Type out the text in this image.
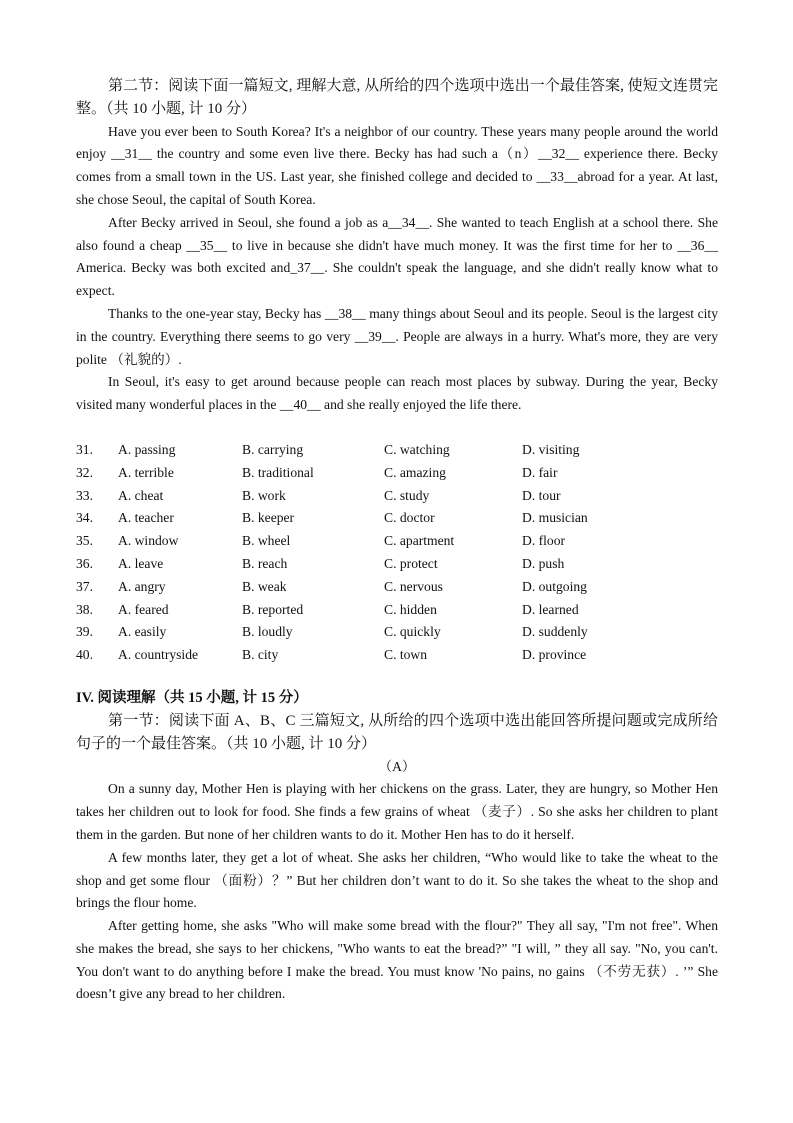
第二节：阅读下面一篇短文, 理解大意, 从所给的四个选项中选出一个最佳答案, 使短文连贯完整。（共 10 小题, 计 10 分）

Have you ever been to South Korea? It's a neighbor of our country. These years many people around the world enjoy __31__ the country and some even live there. Becky has had such a（n）__32__ experience there. Becky comes from a small town in the US. Last year, she finished college and decided to __33__abroad for a year. At last, she chose Seoul, the capital of South Korea.

After Becky arrived in Seoul, she found a job as a__34__. She wanted to teach English at a school there. She also found a cheap __35__ to live in because she didn't have much money. It was the first time for her to __36__ America. Becky was both excited and_37__. She couldn't speak the language, and she didn't really know what to expect.

Thanks to the one-year stay, Becky has __38__ many things about Seoul and its people. Seoul is the largest city in the country. Everything there seems to go very __39__. People are always in a hurry. What's more, they are very polite （礼貌的）.

In Seoul, it's easy to get around because people can reach most places by subway. During the year, Becky visited many wonderful places in the __40__ and she really enjoyed the life there.

31.	A. passing	B. carrying	C. watching	D. visiting
32.	A. terrible	B. traditional	C. amazing	D. fair
33.	A. cheat	B. work	C. study	D. tour
34.	A. teacher	B. keeper	C. doctor	D. musician
35.	A. window	B. wheel	C. apartment	D. floor
36.	A. leave	B. reach	C. protect	D. push
37.	A. angry	B. weak	C. nervous	D. outgoing
38.	A. feared	B. reported	C. hidden	D. learned
39.	A. easily	B. loudly	C. quickly	D. suddenly
40.	A. countryside	B. city	C. town	D. province

IV. 阅读理解（共 15 小题, 计 15 分）

第一节：阅读下面 A、B、C 三篇短文, 从所给的四个选项中选出能回答所提问题或完成所给句子的一个最佳答案。（共 10 小题, 计 10 分）

（A）

On a sunny day, Mother Hen is playing with her chickens on the grass. Later, they are hungry, so Mother Hen takes her children out to look for food. She finds a few grains of wheat （麦子）. So she asks her children to plant them in the garden. But none of her children wants to do it. Mother Hen has to do it herself.

A few months later, they get a lot of wheat. She asks her children, “Who would like to take the wheat to the shop and get some flour （面粉）？” But her children don’t want to do it. So she takes the wheat to the shop and brings the flour home.

After getting home, she asks "Who will make some bread with the flour?" They all say, "I'm not free". When she makes the bread, she says to her chickens, "Who wants to eat the bread?” "I will, ” they all say. "No, you can't. You don't want to do anything before I make the bread. You must know 'No pains, no gains （不劳无获）. ’” She doesn’t give any bread to her children.
